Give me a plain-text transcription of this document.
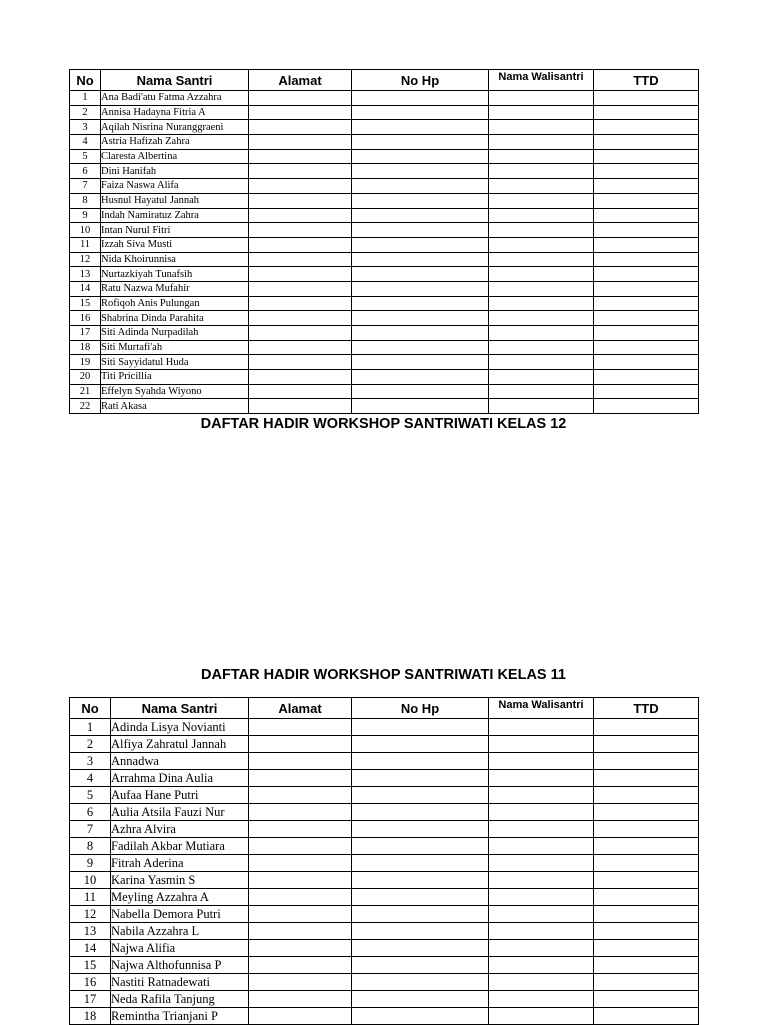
No	Nama Santri	Alamat	No Hp	Nama Walisantri	TTD
1	Ana Badi'atu Fatma Azzahra				
2	Annisa Hadayna Fitria A				
3	Aqilah Nisrina Nuranggraeni				
4	Astria Hafizah Zahra				
5	Claresta Albertina				
6	Dini Hanifah				
7	Faiza Naswa Alifa				
8	Husnul Hayatul Jannah				
9	Indah Namiratuz Zahra				
10	Intan Nurul Fitri				
11	Izzah Siva Musti				
12	Nida Khoirunnisa				
13	Nurtazkiyah Tunafsih				
14	Ratu Nazwa Mufahir				
15	Rofiqoh Anis Pulungan				
16	Shabrina Dinda Parahita				
17	Siti Adinda Nurpadilah				
18	Siti Murtafi'ah				
19	Siti Sayyidatul Huda				
20	Titi Pricillia				
21	Effelyn Syahda Wiyono				
22	Rati Akasa				
DAFTAR HADIR WORKSHOP SANTRIWATI KELAS 12
DAFTAR HADIR WORKSHOP SANTRIWATI KELAS 11
No	Nama Santri	Alamat	No Hp	Nama Walisantri	TTD
1	Adinda Lisya Novianti				
2	Alfiya Zahratul Jannah				
3	Annadwa				
4	Arrahma Dina Aulia				
5	Aufaa Hane Putri				
6	Aulia Atsila Fauzi Nur				
7	Azhra Alvira				
8	Fadilah Akbar Mutiara				
9	Fitrah Aderina				
10	Karina Yasmin S				
11	Meyling Azzahra A				
12	Nabella Demora Putri				
13	Nabila Azzahra L				
14	Najwa Alifia				
15	Najwa Althofunnisa P				
16	Nastiti Ratnadewati				
17	Neda Rafila Tanjung				
18	Remintha Trianjani P				
